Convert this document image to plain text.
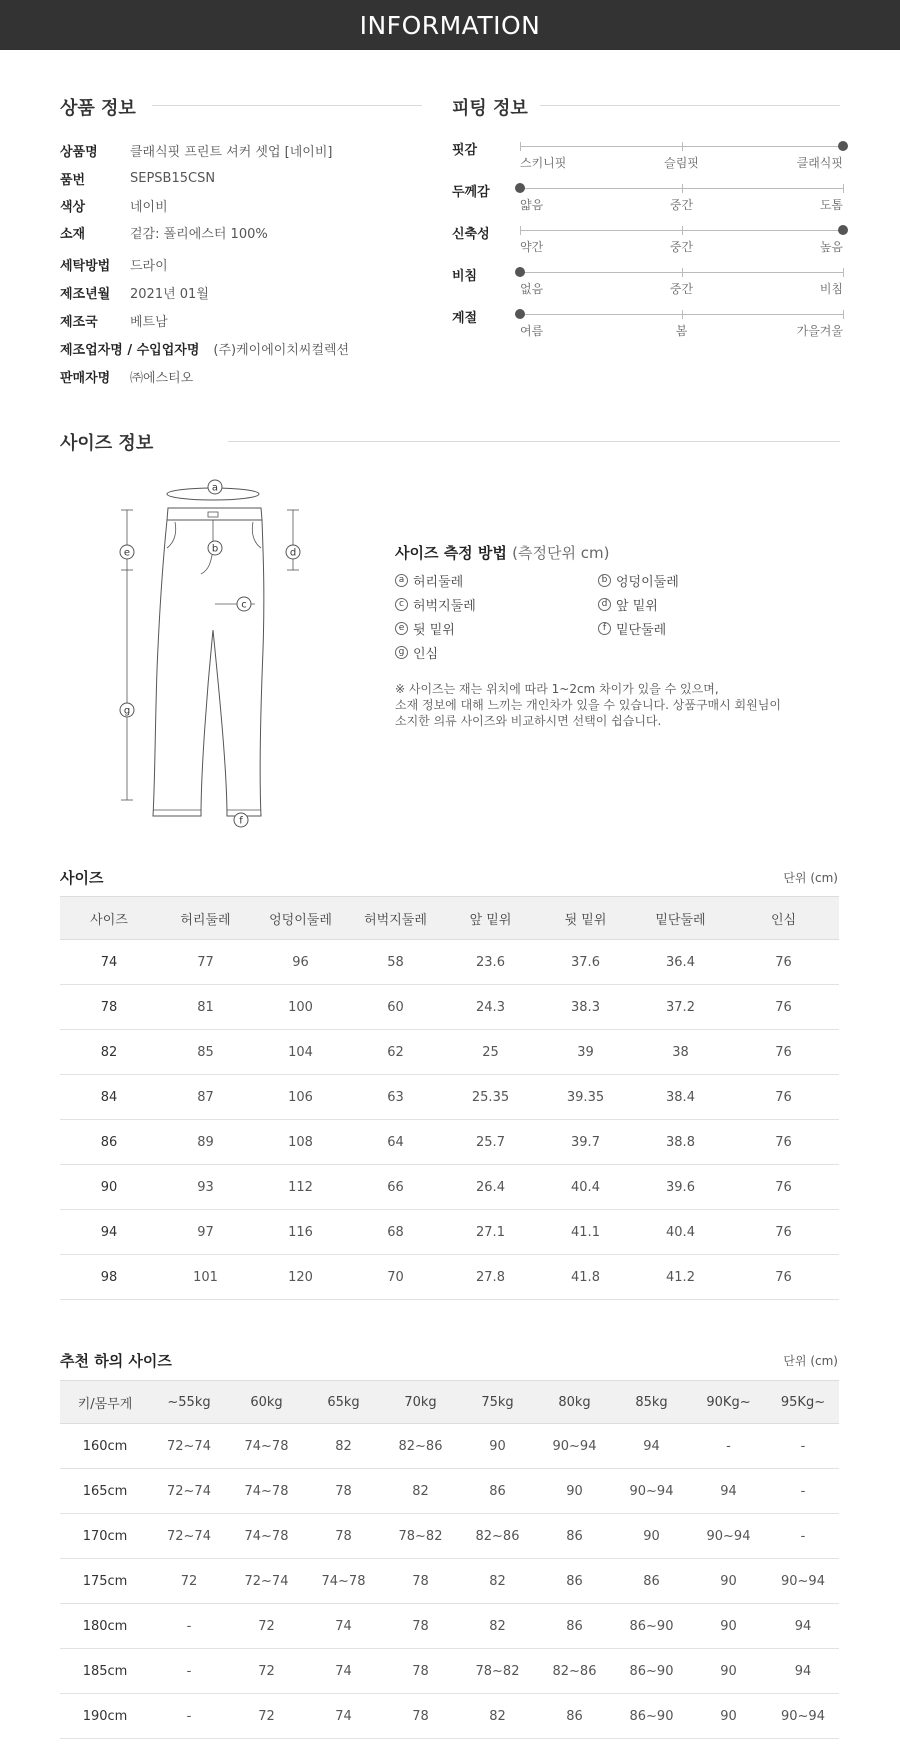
INFORMATION
상품 정보
상품명	클래식핏 프린트 셔커 셋업 [네이비]
품번	SEPSB15CSN
색상	네이비
소재	겉감: 폴리에스터 100%
세탁방법	드라이
제조년월	2021년 01월
제조국	베트남
제조업자명 / 수입업자명 (주)케이에이치씨컬렉션
판매자명	㈜에스티오
피팅 정보
핏감
스키니핏	슬림핏	클래식핏
두께감
얇음	중간	도톰
신축성
약간	중간	높음
비침
없음	중간	비침
계절
여름	봄	가을겨울
사이즈 정보
a
b
c
d
e
f
g
사이즈 측정 방법 (측정단위 cm)
a 허리둘레	b 엉덩이둘레
c 허벅지둘레	d 앞 밑위
e 뒷 밑위	f 밑단둘레
g 인심
※ 사이즈는 재는 위치에 따라 1~2cm 차이가 있을 수 있으며,
소재 정보에 대해 느끼는 개인차가 있을 수 있습니다. 상품구매시 회원님이
소지한 의류 사이즈와 비교하시면 선택이 쉽습니다.
사이즈	단위 (cm)
사이즈	허리둘레	엉덩이둘레	허벅지둘레	앞 밑위	뒷 밑위	밑단둘레	인심
74	77	96	58	23.6	37.6	36.4	76
78	81	100	60	24.3	38.3	37.2	76
82	85	104	62	25	39	38	76
84	87	106	63	25.35	39.35	38.4	76
86	89	108	64	25.7	39.7	38.8	76
90	93	112	66	26.4	40.4	39.6	76
94	97	116	68	27.1	41.1	40.4	76
98	101	120	70	27.8	41.8	41.2	76
추천 하의 사이즈	단위 (cm)
키/몸무게	~55kg	60kg	65kg	70kg	75kg	80kg	85kg	90Kg~	95Kg~
160cm	72~74	74~78	82	82~86	90	90~94	94	-	-
165cm	72~74	74~78	78	82	86	90	90~94	94	-
170cm	72~74	74~78	78	78~82	82~86	86	90	90~94	-
175cm	72	72~74	74~78	78	82	86	86	90	90~94
180cm	-	72	74	78	82	86	86~90	90	94
185cm	-	72	74	78	78~82	82~86	86~90	90	94
190cm	-	72	74	78	82	86	86~90	90	90~94
